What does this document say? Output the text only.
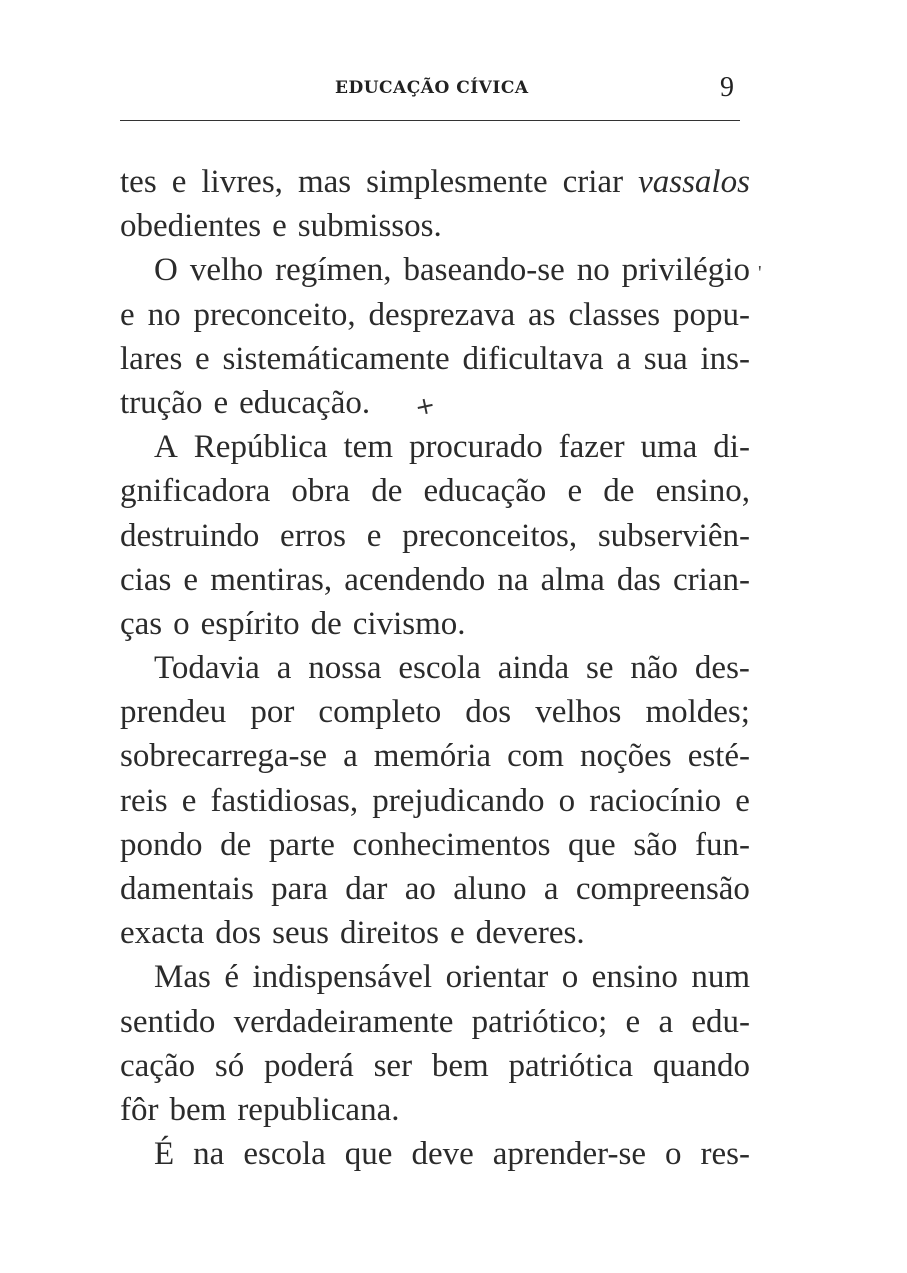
EDUCAÇÃO CÍVICA	9
'
+
tes e livres, mas simplesmente criar vassalos
obedientes e submissos.
O velho regímen, baseando-se no privilégio
e no preconceito, desprezava as classes popu-
lares e sistemáticamente dificultava a sua ins-
trução e educação.
A República tem procurado fazer uma di-
gnificadora obra de educação e de ensino,
destruindo erros e preconceitos, subserviên-
cias e mentiras, acendendo na alma das crian-
ças o espírito de civismo.
Todavia a nossa escola ainda se não des-
prendeu por completo dos velhos moldes;
sobrecarrega-se a memória com noções esté-
reis e fastidiosas, prejudicando o raciocínio e
pondo de parte conhecimentos que são fun-
damentais para dar ao aluno a compreensão
exacta dos seus direitos e deveres.
Mas é indispensável orientar o ensino num
sentido verdadeiramente patriótico; e a edu-
cação só poderá ser bem patriótica quando
fôr bem republicana.
É na escola que deve aprender-se o res-
